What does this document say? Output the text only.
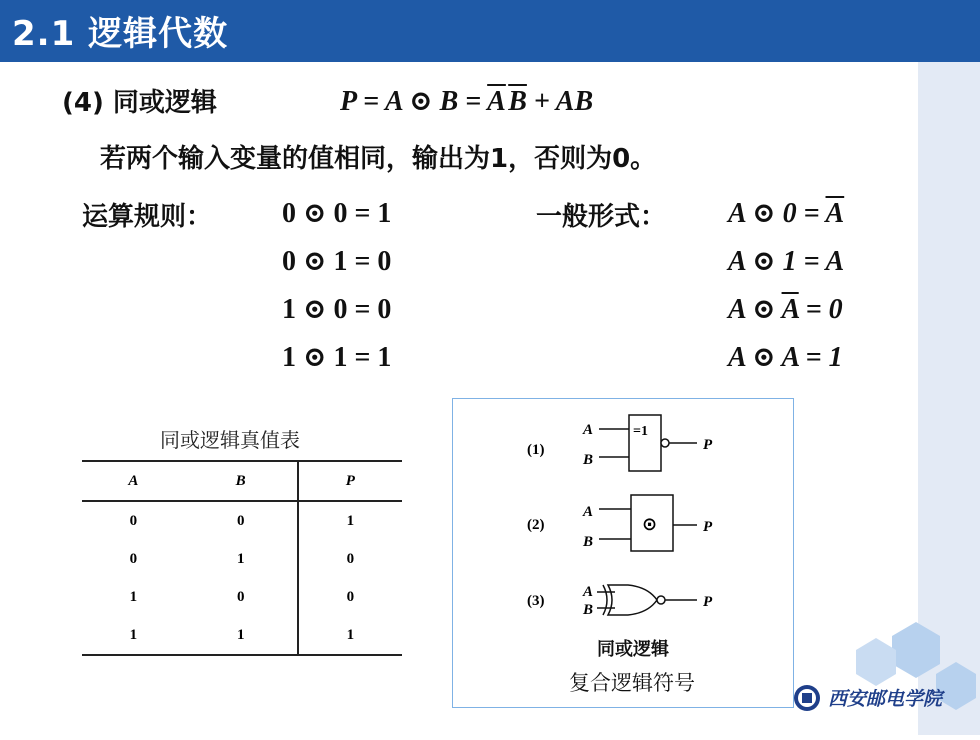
2.1 逻辑代数
(4) 同或逻辑	P = A ⊙ $B = \overline{A}$ $\overline{B}$ + AB
若两个输入变量的值相同，输出为1，否则为0。
运算规则： 0 ⊙ 0 = 1
0 ⊙ 1 = 0
1 ⊙ 0 = 0
1 ⊙ 1 = 1
一般形式： A ⊙ $0 = \overline{A}$
A ⊙ 1 = A
A ⊙ $\overline{A} = 0$
A ⊙ A = 1
同或逻辑真值表
A	B	P
0	0	1
0	1	0
1	0	0
1	1	1
(1)
A
B
=1
P
(2)
A
B
⊙	P
(3)
A
B	P
同或逻辑
复合逻辑符号
西安邮电学院
